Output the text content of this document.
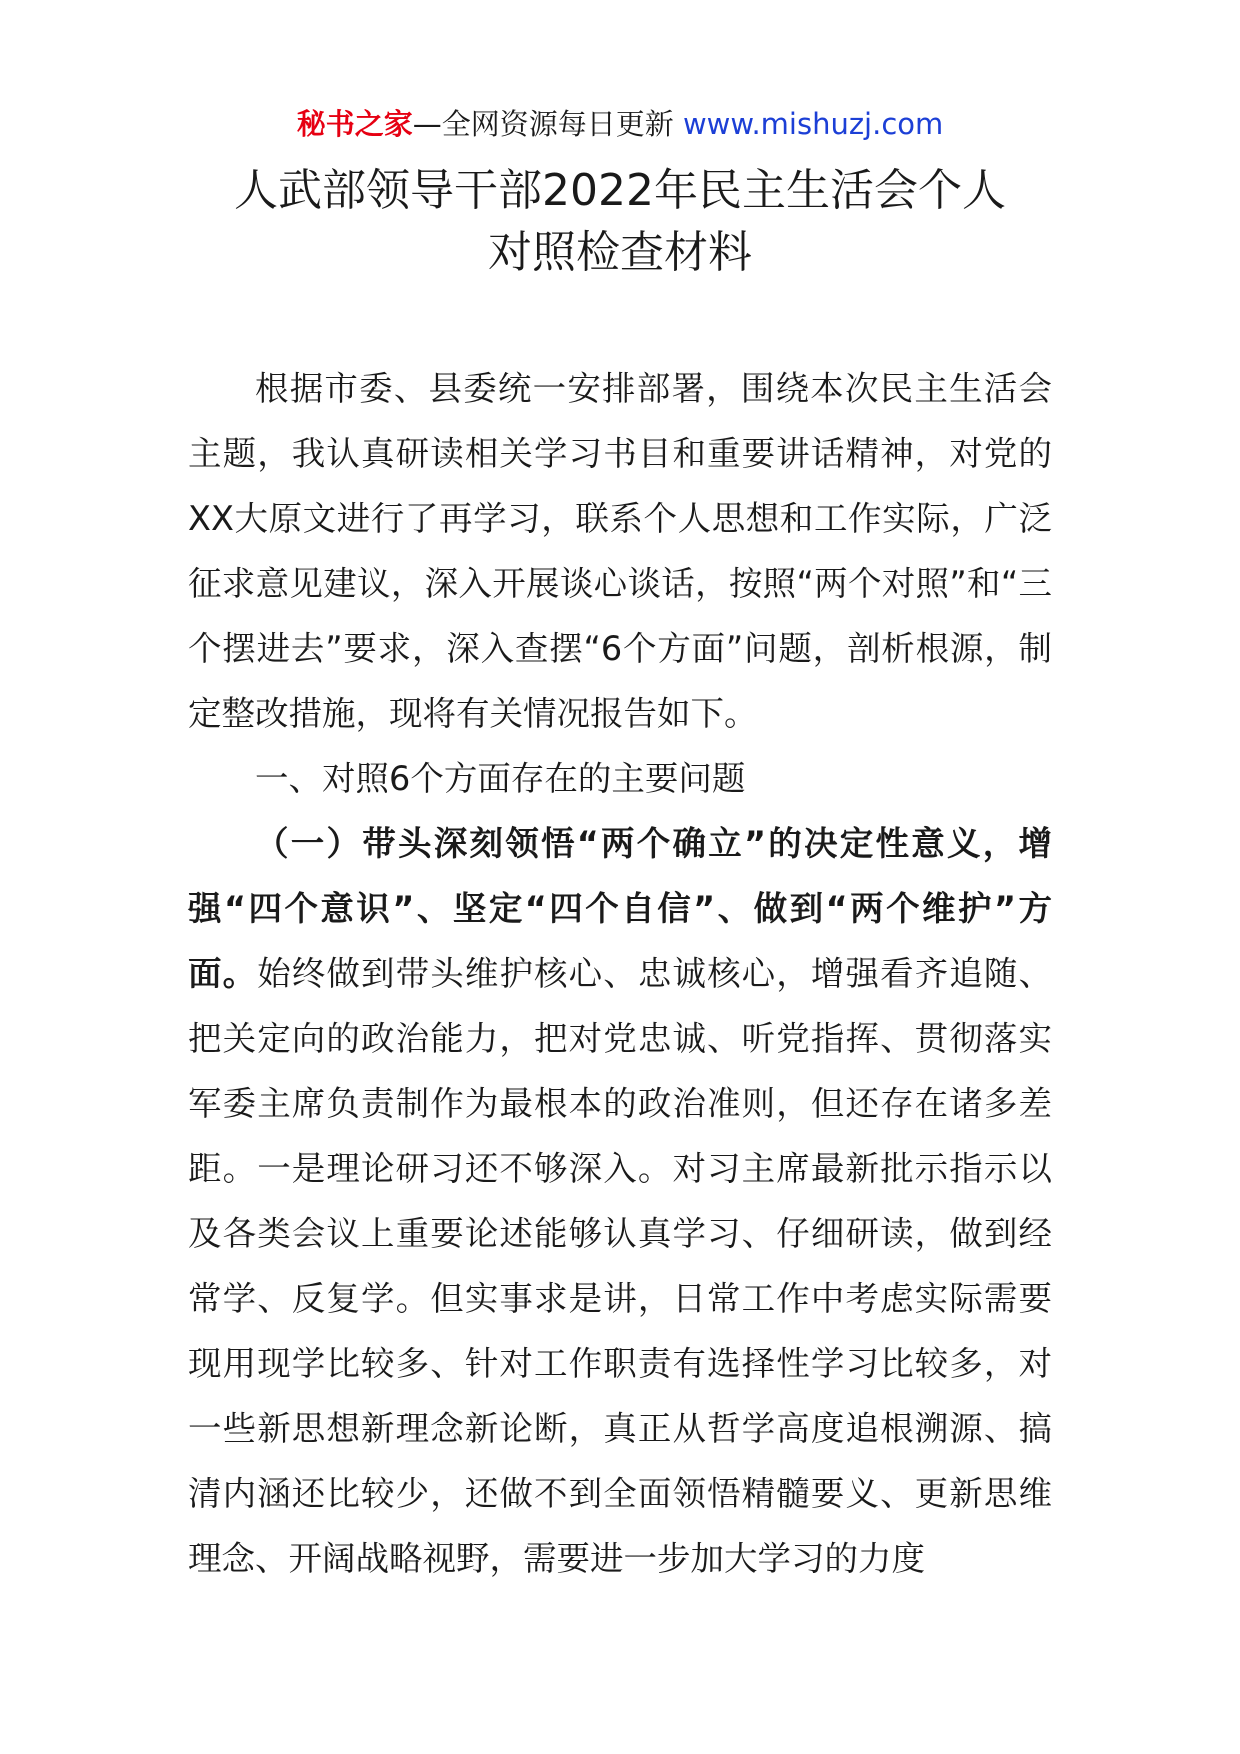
秘书之家—全网资源每日更新 www.mishuzj.com
人武部领导干部2022年民主生活会个人
对照检查材料

根据市委、县委统一安排部署，围绕本次民主生活会主题，我认真研读相关学习书目和重要讲话精神，对党的XX大原文进行了再学习，联系个人思想和工作实际，广泛征求意见建议，深入开展谈心谈话，按照“两个对照”和“三个摆进去”要求，深入查摆“6个方面”问题，剖析根源，制定整改措施，现将有关情况报告如下。

一、对照6个方面存在的主要问题

（一）带头深刻领悟“两个确立”的决定性意义，增强“四个意识”、坚定“四个自信”、做到“两个维护”方面。始终做到带头维护核心、忠诚核心，增强看齐追随、把关定向的政治能力，把对党忠诚、听党指挥、贯彻落实军委主席负责制作为最根本的政治准则，但还存在诸多差距。一是理论研习还不够深入。对习主席最新批示指示以及各类会议上重要论述能够认真学习、仔细研读，做到经常学、反复学。但实事求是讲，日常工作中考虑实际需要现用现学比较多、针对工作职责有选择性学习比较多，对一些新思想新理念新论断，真正从哲学高度追根溯源、搞清内涵还比较少，还做不到全面领悟精髓要义、更新思维理念、开阔战略视野，需要进一步加大学习的力度
